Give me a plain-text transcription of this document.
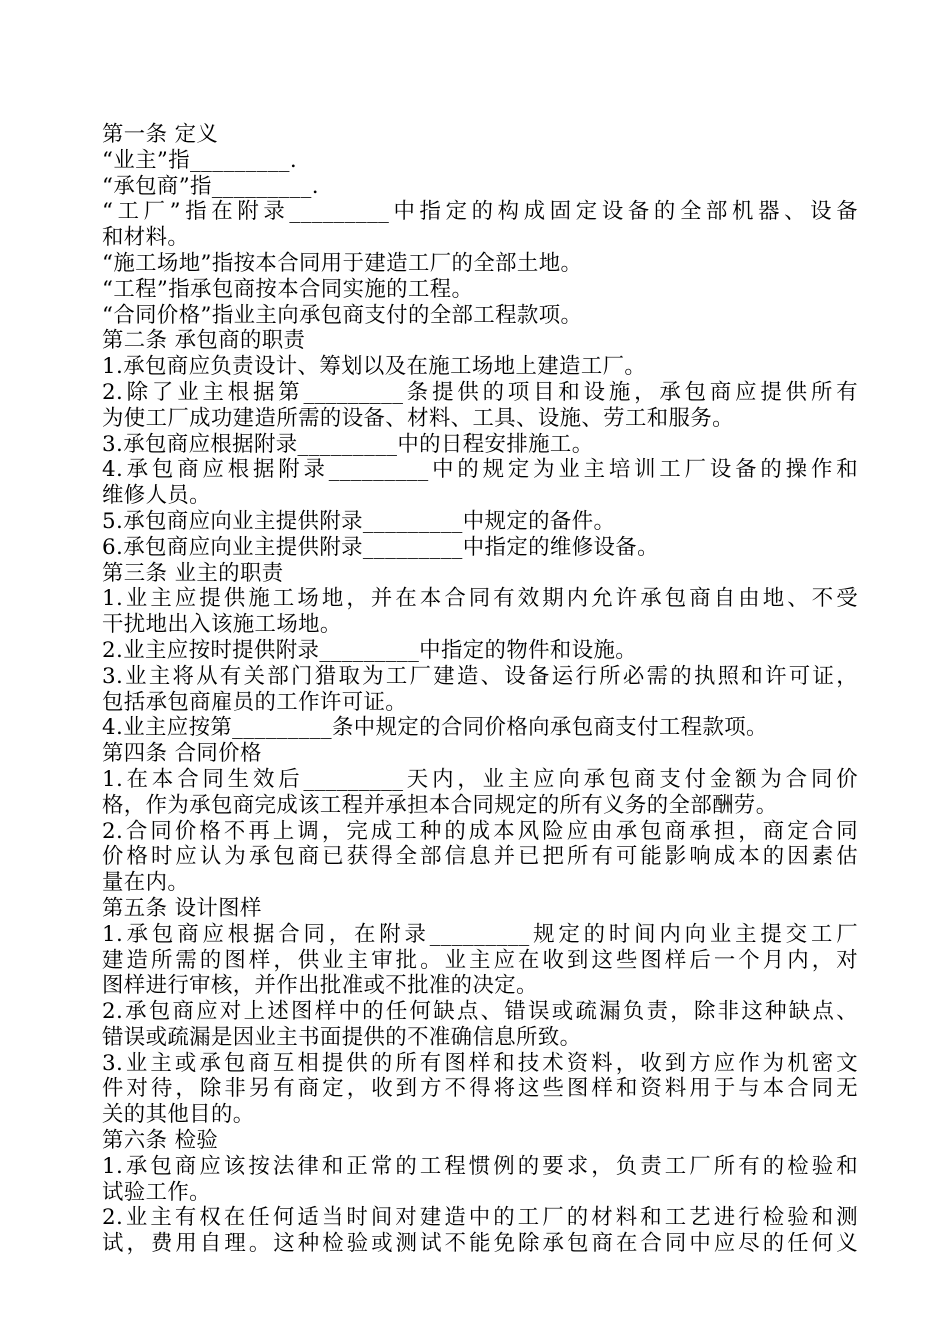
第一条 定义
“业主”指_________.
“承包商”指_________.
“工厂”指在附录_________中指定的构成固定设备的全部机器、设备
和材料。
“施工场地”指按本合同用于建造工厂的全部土地。
“工程”指承包商按本合同实施的工程。
“合同价格”指业主向承包商支付的全部工程款项。
第二条 承包商的职责
1.承包商应负责设计、筹划以及在施工场地上建造工厂。
2.除了业主根据第_________条提供的项目和设施，承包商应提供所有
为使工厂成功建造所需的设备、材料、工具、设施、劳工和服务。
3.承包商应根据附录_________中的日程安排施工。
4.承包商应根据附录_________中的规定为业主培训工厂设备的操作和
维修人员。
5.承包商应向业主提供附录_________中规定的备件。
6.承包商应向业主提供附录_________中指定的维修设备。
第三条 业主的职责
1.业主应提供施工场地，并在本合同有效期内允许承包商自由地、不受
干扰地出入该施工场地。
2.业主应按时提供附录_________中指定的物件和设施。
3.业主将从有关部门猎取为工厂建造、设备运行所必需的执照和许可证，
包括承包商雇员的工作许可证。
4.业主应按第_________条中规定的合同价格向承包商支付工程款项。
第四条 合同价格
1.在本合同生效后_________天内，业主应向承包商支付金额为合同价
格，作为承包商完成该工程并承担本合同规定的所有义务的全部酬劳。
2.合同价格不再上调，完成工种的成本风险应由承包商承担，商定合同
价格时应认为承包商已获得全部信息并已把所有可能影响成本的因素估
量在内。
第五条 设计图样
1.承包商应根据合同，在附录_________规定的时间内向业主提交工厂
建造所需的图样，供业主审批。业主应在收到这些图样后一个月内，对
图样进行审核，并作出批准或不批准的决定。
2.承包商应对上述图样中的任何缺点、错误或疏漏负责，除非这种缺点、
错误或疏漏是因业主书面提供的不准确信息所致。
3.业主或承包商互相提供的所有图样和技术资料，收到方应作为机密文
件对待，除非另有商定，收到方不得将这些图样和资料用于与本合同无
关的其他目的。
第六条 检验
1.承包商应该按法律和正常的工程惯例的要求，负责工厂所有的检验和
试验工作。
2.业主有权在任何适当时间对建造中的工厂的材料和工艺进行检验和测
试，费用自理。这种检验或测试不能免除承包商在合同中应尽的任何义
